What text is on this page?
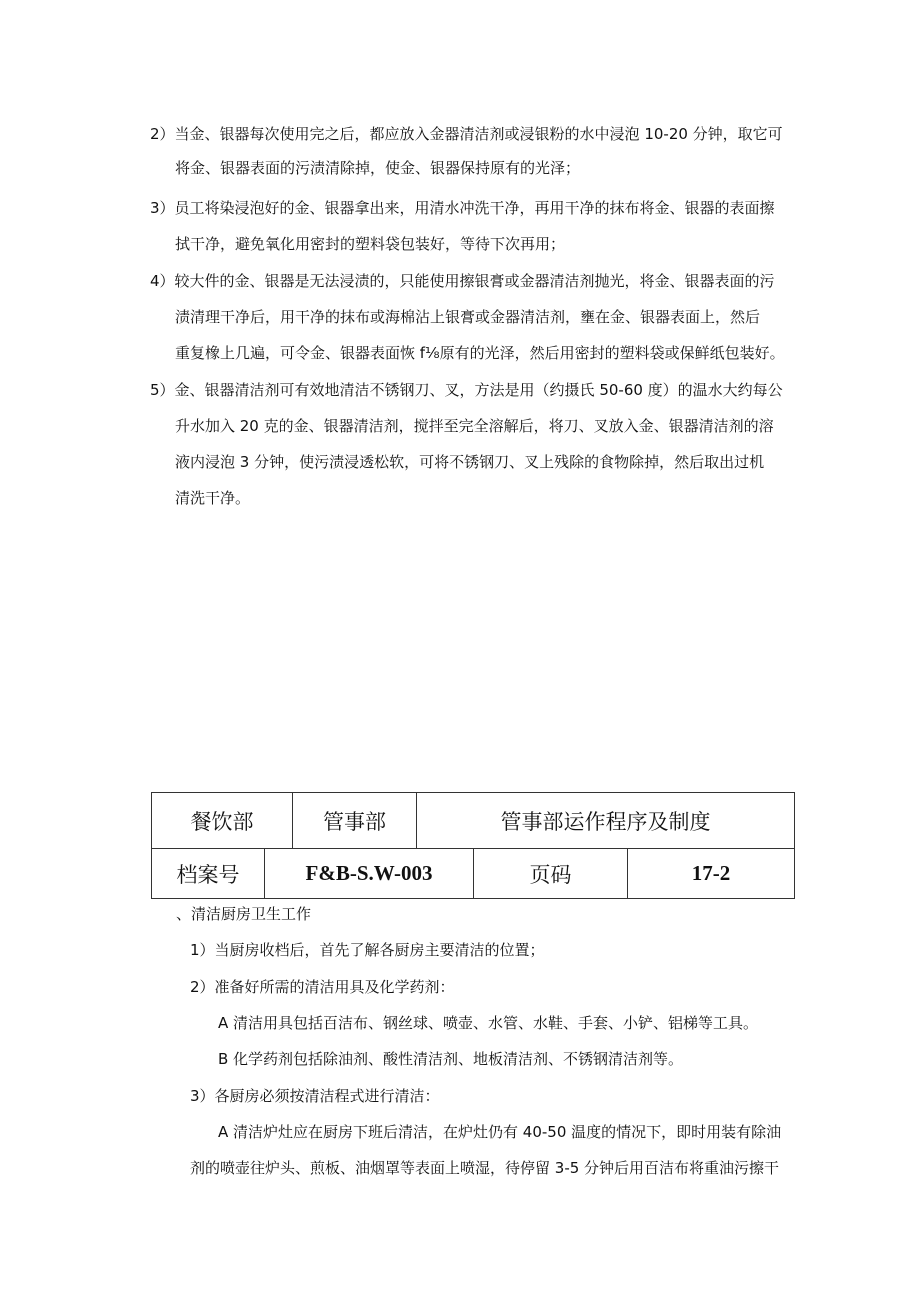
2）当金、银器每次使用完之后，都应放入金器清洁剂或浸银粉的水中浸泡 10-20 分钟，取它可
将金、银器表面的污渍清除掉，使金、银器保持原有的光泽；
3）员工将染浸泡好的金、银器拿出来，用清水冲洗干净，再用干净的抹布将金、银器的表面擦
拭干净，避免氧化用密封的塑料袋包装好，等待下次再用；
4）较大件的金、银器是无法浸渍的，只能使用擦银膏或金器清洁剂抛光，将金、银器表面的污
渍清理干净后，用干净的抹布或海棉沾上银膏或金器清洁剂，壅在金、银器表面上，然后
重复橡上几遍，可令金、银器表面恢 f⅛原有的光泽，然后用密封的塑料袋或保鲜纸包装好。
5）金、银器清洁剂可有效地清洁不锈钢刀、叉，方法是用（约摄氏 50-60 度）的温水大约每公
升水加入 20 克的金、银器清洁剂，搅拌至完全溶解后，将刀、叉放入金、银器清洁剂的溶
液内浸泡 3 分钟，使污渍浸透松软，可将不锈钢刀、叉上残除的食物除掉，然后取出过机
清洗干净。
餐饮部		管事部	管事部运作程序及制度		
档案号	F&B-S.W-003			页码	17-2
、清洁厨房卫生工作
1）当厨房收档后，首先了解各厨房主要清洁的位置；
2）准备好所需的清洁用具及化学药剂：
A 清洁用具包括百洁布、钢丝球、喷壶、水管、水鞋、手套、小铲、铝梯等工具。
B 化学药剂包括除油剂、酸性清洁剂、地板清洁剂、不锈钢清洁剂等。
3）各厨房必须按清洁程式进行清洁：
A 清洁炉灶应在厨房下班后清洁，在炉灶仍有 40-50 温度的情况下，即时用装有除油
剂的喷壶往炉头、煎板、油烟罩等表面上喷湿，待停留 3-5 分钟后用百洁布将重油污擦干
